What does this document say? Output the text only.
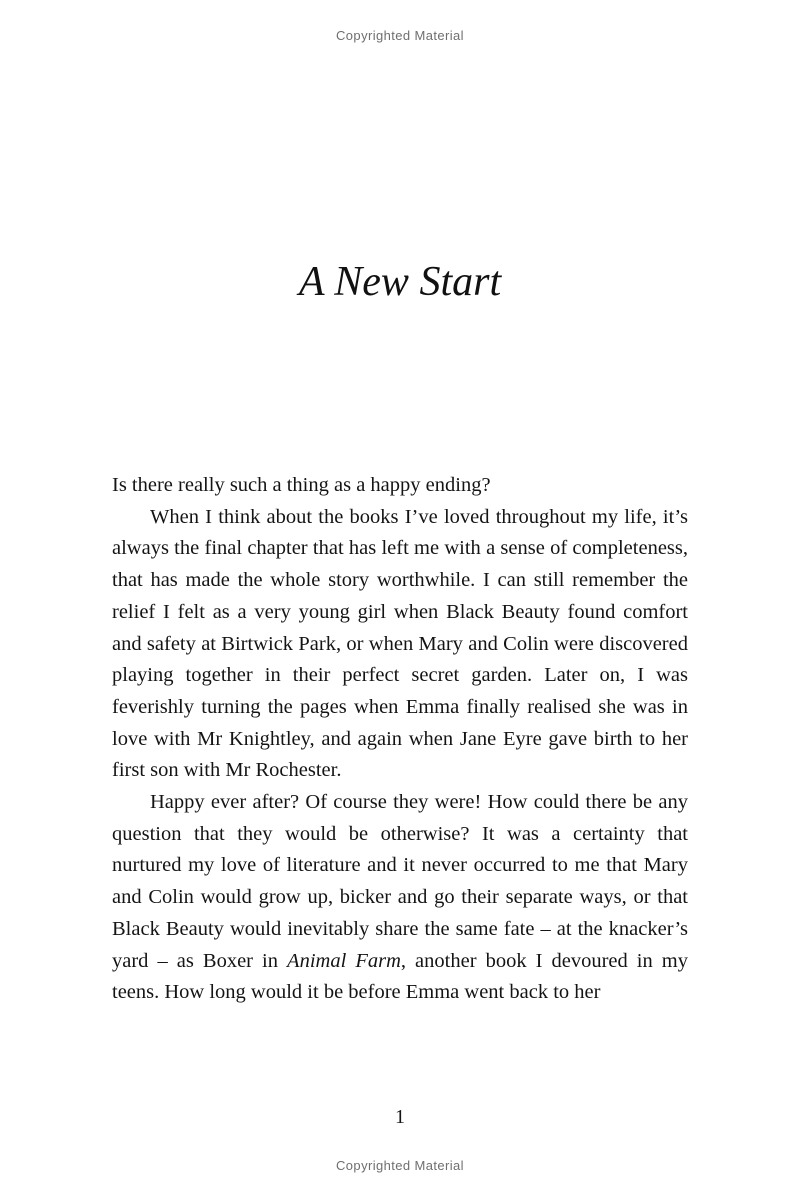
Copyrighted Material
A New Start

Is there really such a thing as a happy ending?

When I think about the books I’ve loved throughout my life, it’s always the final chapter that has left me with a sense of completeness, that has made the whole story worthwhile. I can still remember the relief I felt as a very young girl when Black Beauty found comfort and safety at Birtwick Park, or when Mary and Colin were discovered playing together in their perfect secret garden. Later on, I was feverishly turning the pages when Emma finally realised she was in love with Mr Knightley, and again when Jane Eyre gave birth to her first son with Mr Rochester.

Happy ever after? Of course they were! How could there be any question that they would be otherwise? It was a certainty that nurtured my love of literature and it never occurred to me that Mary and Colin would grow up, bicker and go their separate ways, or that Black Beauty would inevitably share the same fate – at the knacker’s yard – as Boxer in Animal Farm, another book I devoured in my teens. How long would it be before Emma went back to her

1
Copyrighted Material
